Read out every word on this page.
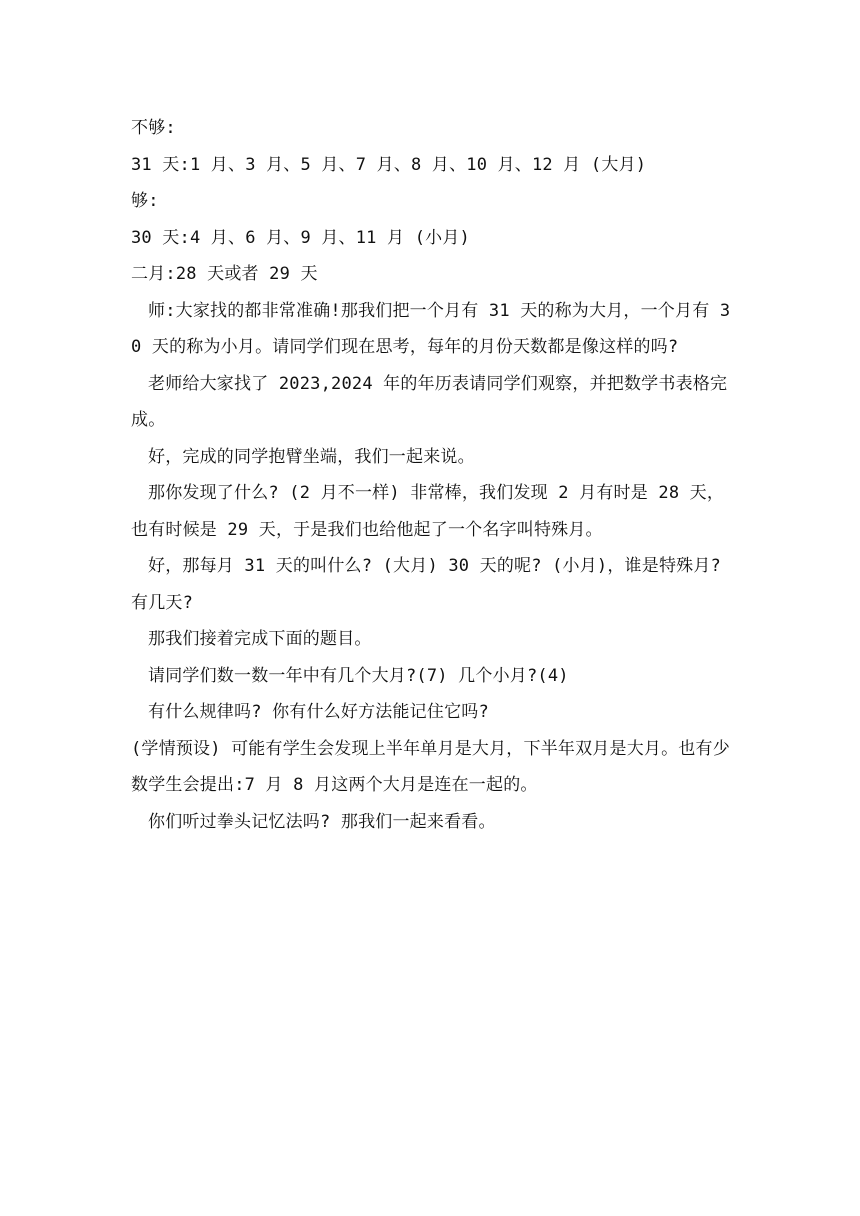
不够:

31 天:1 月、3 月、5 月、7 月、8 月、10 月、12 月 (大月)

够:

30 天:4 月、6 月、9 月、11 月 (小月)

二月:28 天或者 29 天

师:大家找的都非常准确!那我们把一个月有 31 天的称为大月，一个月有 30 天的称为小月。请同学们现在思考，每年的月份天数都是像这样的吗?

老师给大家找了 2023,2024 年的年历表请同学们观察，并把数学书表格完成。

好，完成的同学抱臂坐端，我们一起来说。

那你发现了什么? (2 月不一样) 非常棒，我们发现 2 月有时是 28 天，也有时候是 29 天，于是我们也给他起了一个名字叫特殊月。

好，那每月 31 天的叫什么? (大月) 30 天的呢? (小月)，谁是特殊月? 有几天?

那我们接着完成下面的题目。

请同学们数一数一年中有几个大月?(7) 几个小月?(4)

有什么规律吗? 你有什么好方法能记住它吗?

(学情预设) 可能有学生会发现上半年单月是大月，下半年双月是大月。也有少数学生会提出:7 月 8 月这两个大月是连在一起的。

你们听过拳头记忆法吗? 那我们一起来看看。
